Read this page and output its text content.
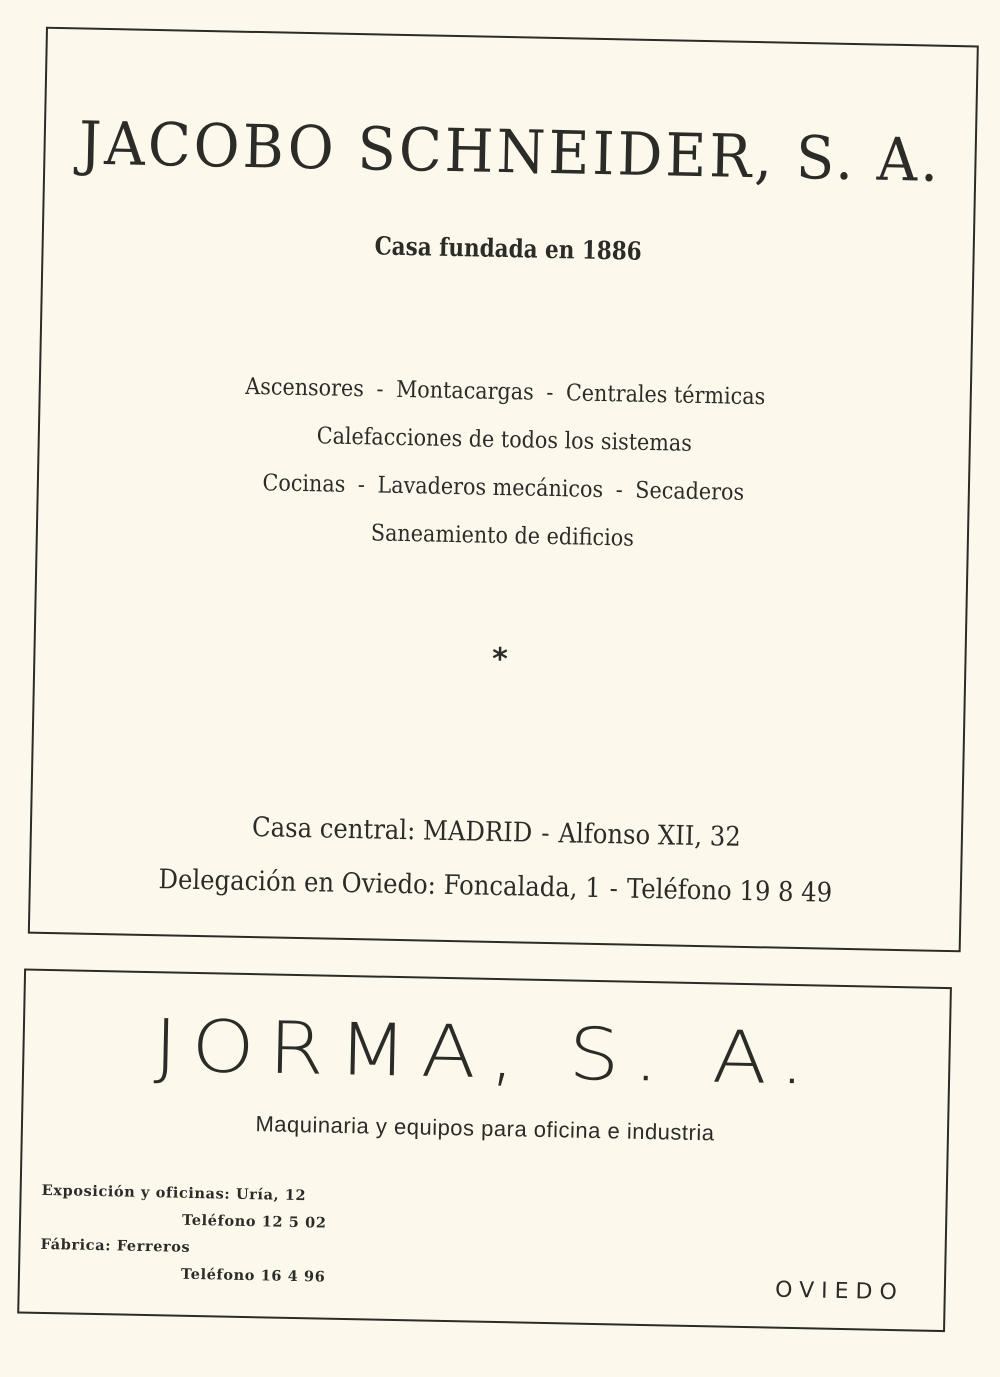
JACOBO SCHNEIDER, S. A.
Casa fundada en 1886
Ascensores - Montacargas - Centrales térmicas
Calefacciones de todos los sistemas
Cocinas - Lavaderos mecánicos - Secaderos
Saneamiento de edificios
*
Casa central: MADRID - Alfonso XII, 32
Delegación en Oviedo: Foncalada, 1 - Teléfono 19 8 49
JORMA, S. A.
Maquinaria y equipos para oficina e industria
Exposición y oficinas: Uría, 12
Teléfono 12 5 02
Fábrica: Ferreros
Teléfono 16 4 96
OVIEDO
